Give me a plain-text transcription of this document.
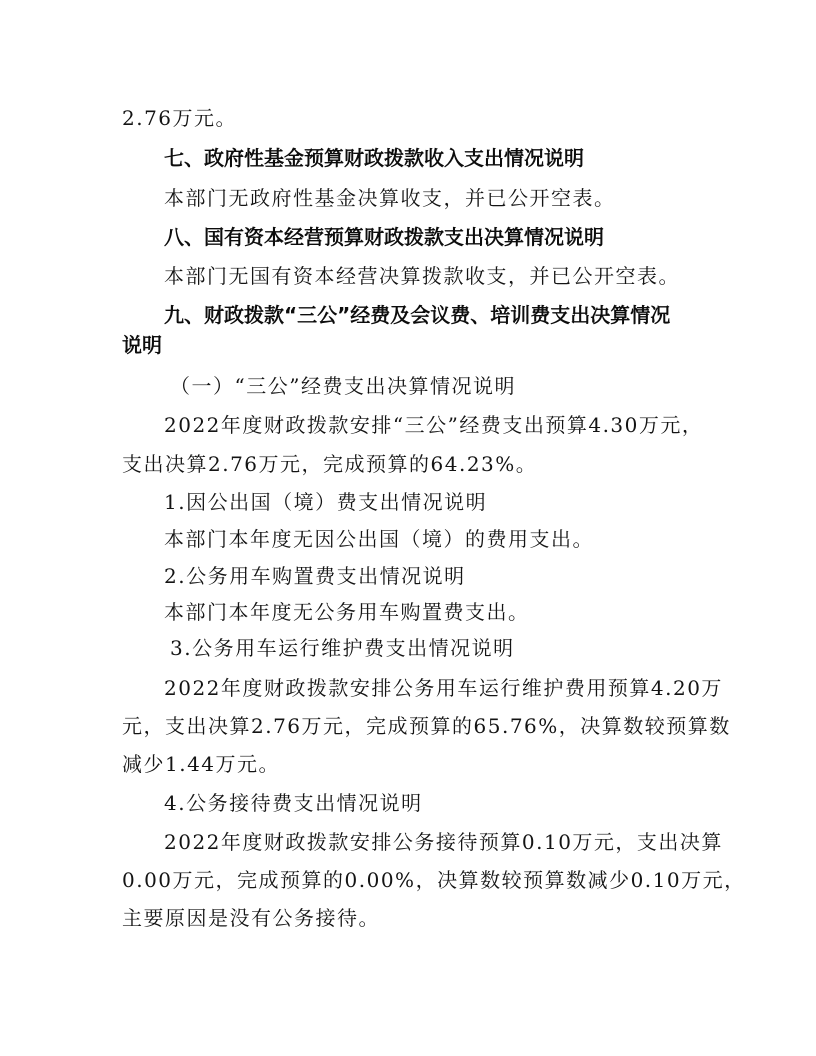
2.76万元。

七、政府性基金预算财政拨款收入支出情况说明

本部门无政府性基金决算收支，并已公开空表。

八、国有资本经营预算财政拨款支出决算情况说明

本部门无国有资本经营决算拨款收支，并已公开空表。

九、财政拨款“三公”经费及会议费、培训费支出决算情况

说明

（一）“三公”经费支出决算情况说明

2022年度财政拨款安排“三公”经费支出预算4.30万元，

支出决算2.76万元，完成预算的64.23%。

1.因公出国（境）费支出情况说明

本部门本年度无因公出国（境）的费用支出。

2.公务用车购置费支出情况说明

本部门本年度无公务用车购置费支出。

3.公务用车运行维护费支出情况说明

2022年度财政拨款安排公务用车运行维护费用预算4.20万

元，支出决算2.76万元，完成预算的65.76%，决算数较预算数

减少1.44万元。

4.公务接待费支出情况说明

2022年度财政拨款安排公务接待预算0.10万元，支出决算

0.00万元，完成预算的0.00%，决算数较预算数减少0.10万元，

主要原因是没有公务接待。
